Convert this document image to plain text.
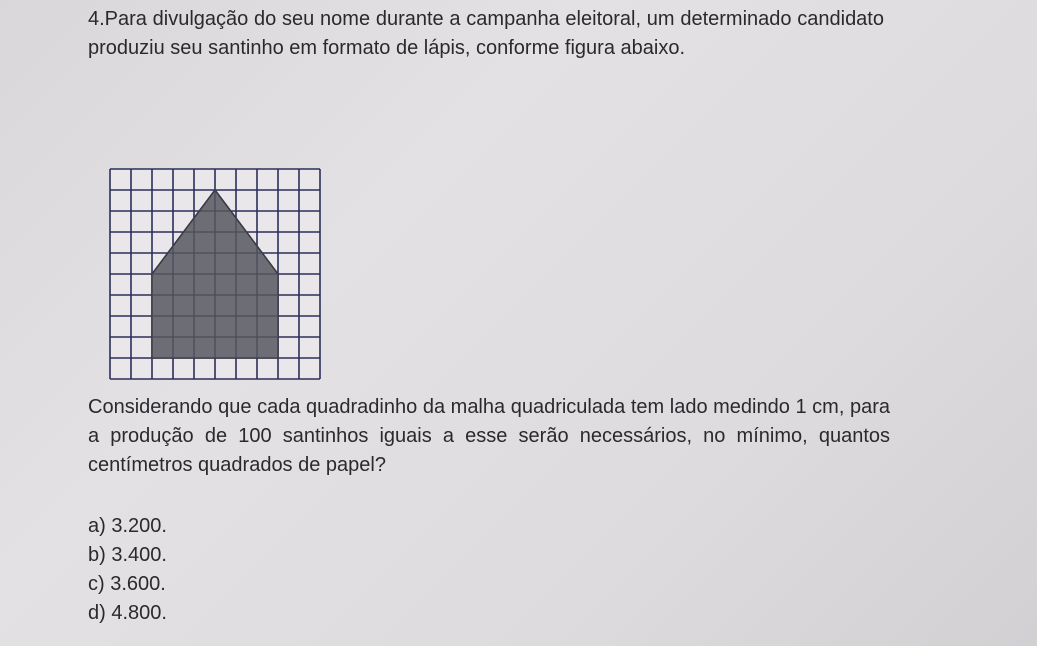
4.Para divulgação do seu nome durante a campanha eleitoral, um determinado candidato produziu seu santinho em formato de lápis, conforme figura abaixo.

Considerando que cada quadradinho da malha quadriculada tem lado medindo 1 cm, para a produção de 100 santinhos iguais a esse serão necessários, no mínimo, quantos centímetros quadrados de papel?

a) 3.200.
b) 3.400.
c) 3.600.
d) 4.800.
